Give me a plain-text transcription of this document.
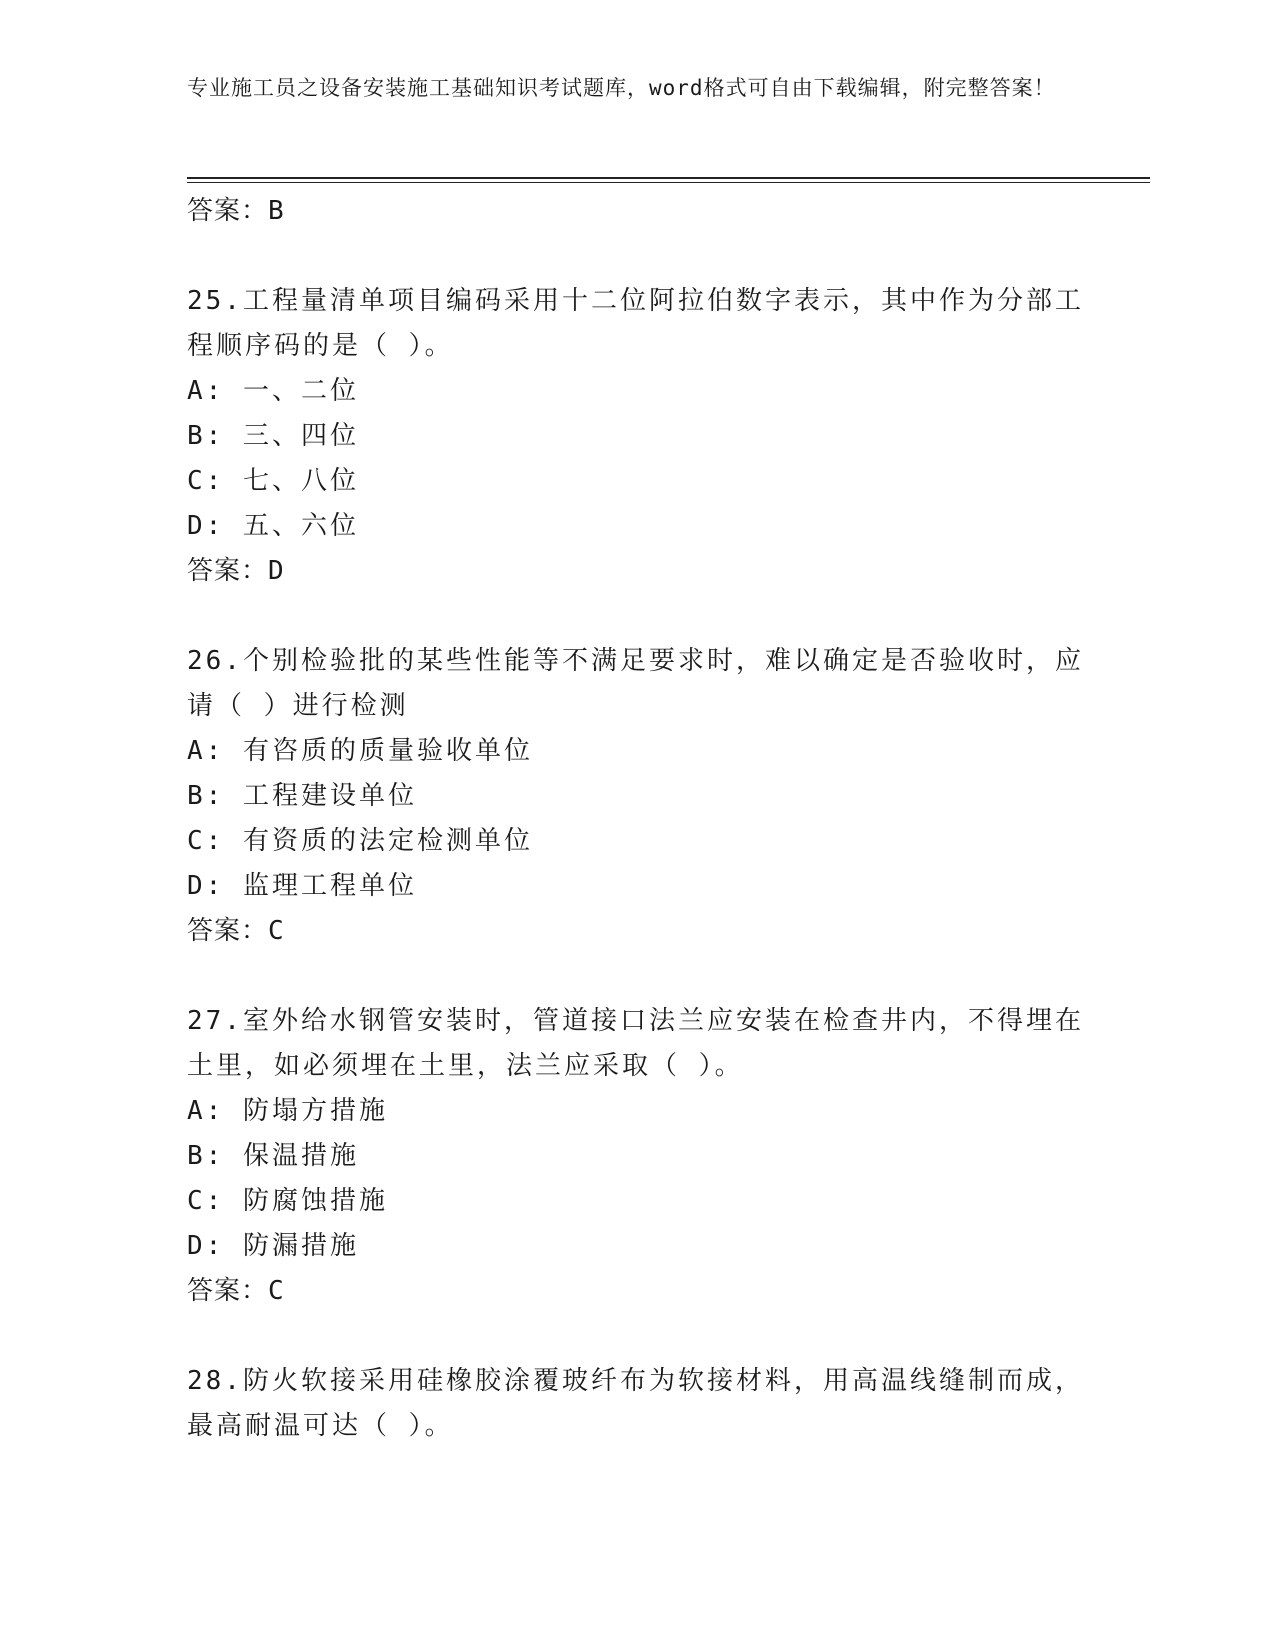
专业施工员之设备安装施工基础知识考试题库，word格式可自由下载编辑，附完整答案！
答案：B
25.工程量清单项目编码采用十二位阿拉伯数字表示，其中作为分部工程顺序码的是（ ）。
A: 一、二位
B: 三、四位
C: 七、八位
D: 五、六位
答案：D
26.个别检验批的某些性能等不满足要求时，难以确定是否验收时，应请（ ）进行检测
A: 有咨质的质量验收单位
B: 工程建设单位
C: 有资质的法定检测单位
D: 监理工程单位
答案：C
27.室外给水钢管安装时，管道接口法兰应安装在检查井内，不得埋在土里，如必须埋在土里，法兰应采取（ ）。
A: 防塌方措施
B: 保温措施
C: 防腐蚀措施
D: 防漏措施
答案：C
28.防火软接采用硅橡胶涂覆玻纤布为软接材料，用高温线缝制而成，最高耐温可达（ ）。
